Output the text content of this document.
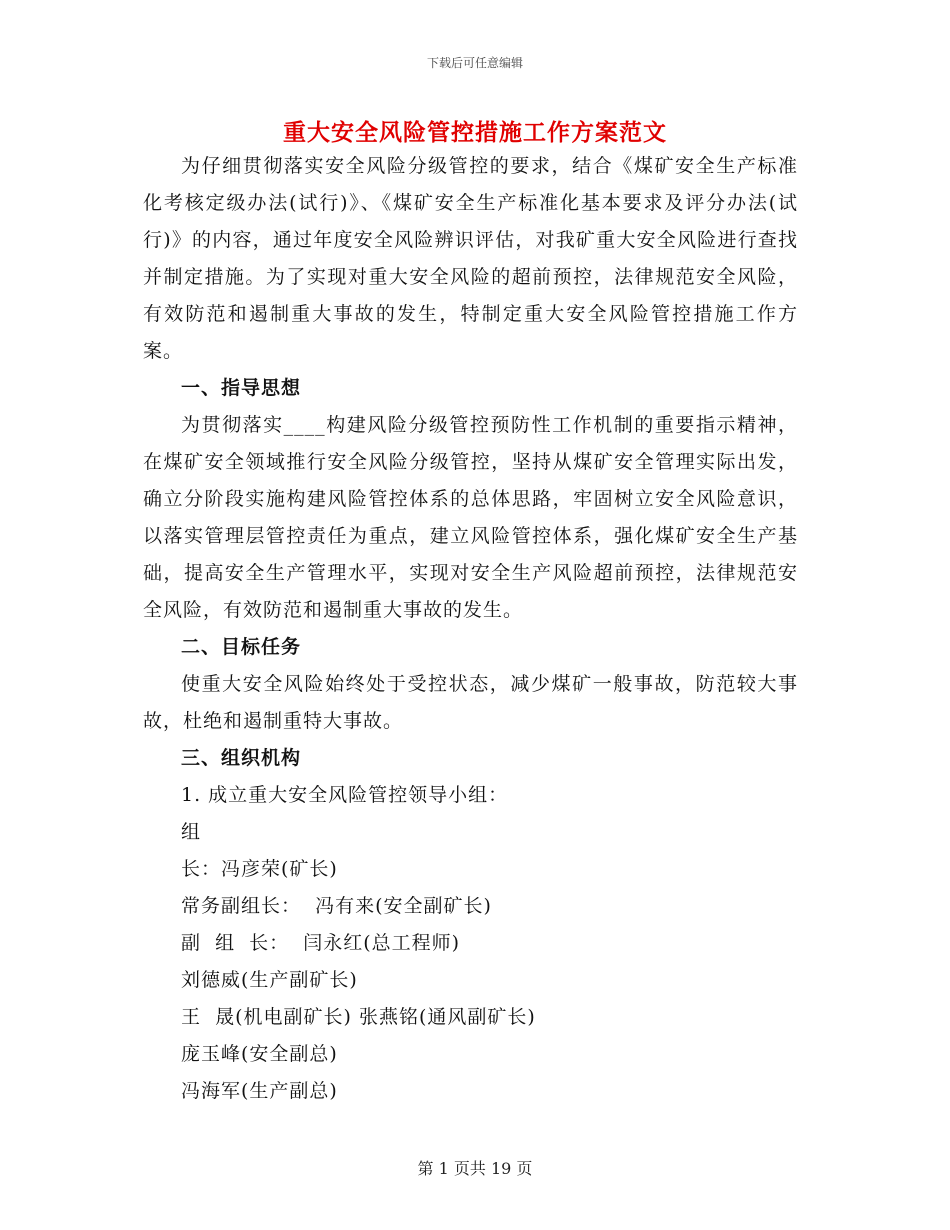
下载后可任意编辑
重大安全风险管控措施工作方案范文

为仔细贯彻落实安全风险分级管控的要求，结合《煤矿安全生产标准化考核定级办法(试行)》、《煤矿安全生产标准化基本要求及评分办法(试行)》的内容，通过年度安全风险辨识评估，对我矿重大安全风险进行查找并制定措施。为了实现对重大安全风险的超前预控，法律规范安全风险，有效防范和遏制重大事故的发生，特制定重大安全风险管控措施工作方案。

一、指导思想

为贯彻落实____构建风险分级管控预防性工作机制的重要指示精神，在煤矿安全领域推行安全风险分级管控，坚持从煤矿安全管理实际出发，确立分阶段实施构建风险管控体系的总体思路，牢固树立安全风险意识，以落实管理层管控责任为重点，建立风险管控体系，强化煤矿安全生产基础，提高安全生产管理水平，实现对安全生产风险超前预控，法律规范安全风险，有效防范和遏制重大事故的发生。

二、目标任务

使重大安全风险始终处于受控状态，减少煤矿一般事故，防范较大事故，杜绝和遏制重特大事故。

三、组织机构

1. 成立重大安全风险管控领导小组：

组

长：冯彦荣(矿长)

常务副组长：  冯有来(安全副矿长)

副  组  长：  闫永红(总工程师)

刘德威(生产副矿长)

王  晟(机电副矿长) 张燕铭(通风副矿长)

庞玉峰(安全副总)

冯海军(生产副总)

第 1 页共 19 页
